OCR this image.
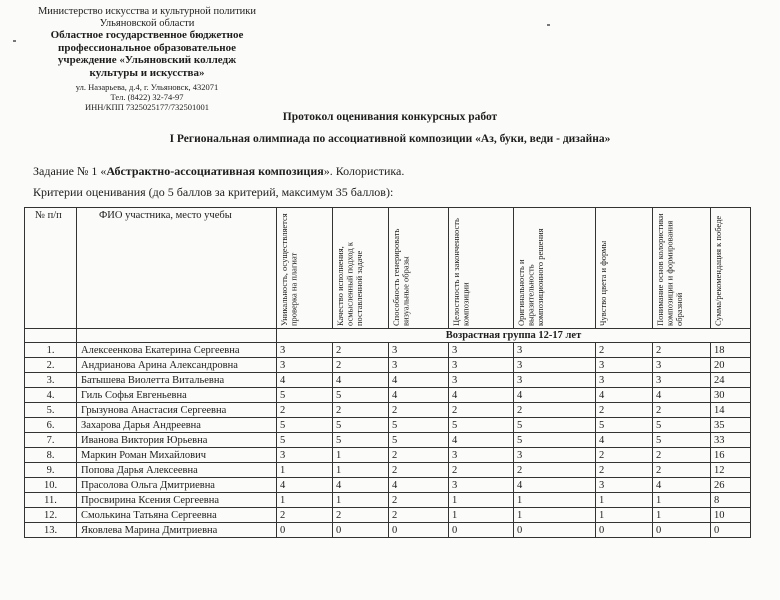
Министерство искусства и культурной политики
Ульяновской области
Областное государственное бюджетное
профессиональное образовательное
учреждение «Ульяновский колледж
культуры и искусства»
ул. Назарьева, д.4, г. Ульяновск, 432071
Тел. (8422) 32-74-97
ИНН/КПП 7325025177/732501001
Протокол оценивания конкурсных работ
I Региональная олимпиада по ассоциативной композиции «Аз, буки, веди - дизайна»
Задание № 1 «Абстрактно-ассоциативная композиция». Колористика.
Критерии оценивания (до 5 баллов за критерий, максимум 35 баллов):
№ п/п	ФИО участника, место учебы	Уникальность, осуществляется проверка на плагиат	Качество исполнения, осмысленный подход к поставленной задаче	Способность генерировать визуальные образы	Целостность и законченность композиции	Оригинальность и выразительность композиционного решения	Чувство цвета и формы	Понимание основ колористики композиции и формирования образной	Сумма/рекомендация к победе

		Возрастная группа 12-17 лет							
1.	Алексеенкова Екатерина Сергеевна	3	2	3	3	3	2	2	18
2.	Андрианова Арина Александровна	3	2	3	3	3	3	3	20
3.	Батышева Виолетта Витальевна	4	4	4	3	3	3	3	24
4.	Гиль Софья Евгеньевна	5	5	4	4	4	4	4	30
5.	Грызунова Анастасия Сергеевна	2	2	2	2	2	2	2	14
6.	Захарова Дарья Андреевна	5	5	5	5	5	5	5	35
7.	Иванова Виктория Юрьевна	5	5	5	4	5	4	5	33
8.	Маркин Роман Михайлович	3	1	2	3	3	2	2	16
9.	Попова Дарья Алексеевна	1	1	2	2	2	2	2	12
10.	Прасолова Ольга Дмитриевна	4	4	4	3	4	3	4	26
11.	Просвирина Ксения Сергеевна	1	1	2	1	1	1	1	8
12.	Смолькина Татьяна Сергеевна	2	2	2	1	1	1	1	10
13.	Яковлева Марина Дмитриевна	0	0	0	0	0	0	0	0
